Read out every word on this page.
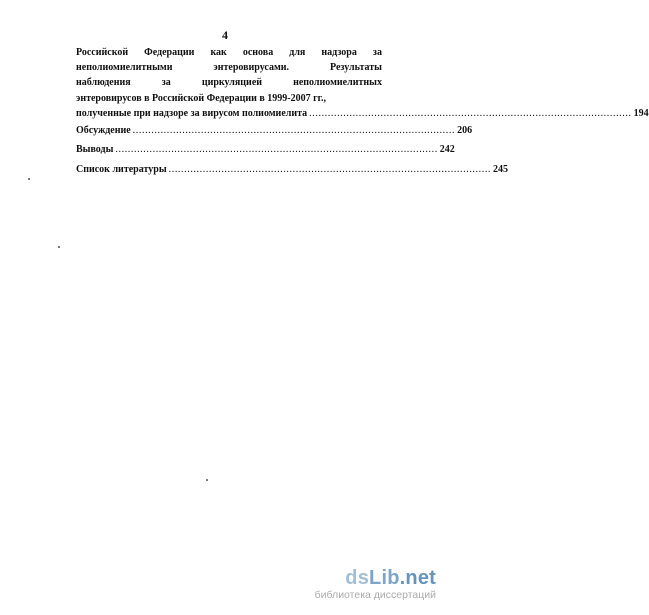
4
Российской Федерации как основа для надзора за
неполиомиелитными	энтеровирусами.	Результаты
наблюдения	за	циркуляцией	неполиомиелитных
энтеровирусов в Российской Федерации в 1999-2007 гг.,
полученные при надзоре за вирусом полиомиелита ........................................................................................................ 194
Обсуждение ........................................................................................................ 206
Выводы ........................................................................................................ 242
Список литературы ........................................................................................................ 245
dsLib.net
библиотека диссертаций
